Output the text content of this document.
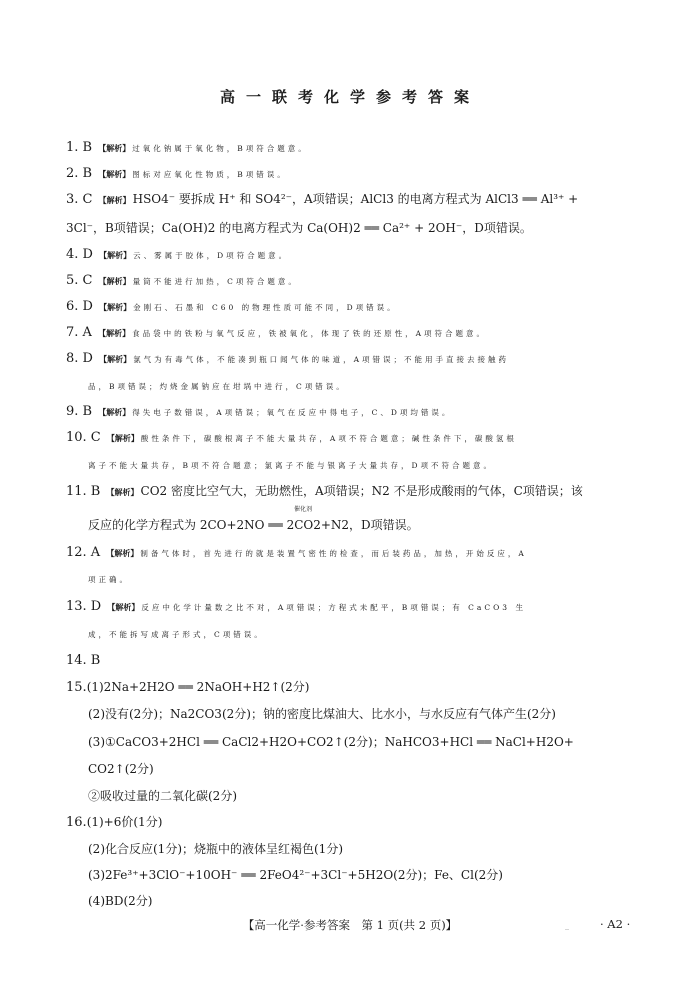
高一联考化学参考答案
1. B 【解析】 过氧化钠属于氧化物，B项符合题意。
2. B 【解析】 图标对应氧化性物质，B项错误。
3. C 【解析】 HSO4⁻ 要拆成 H⁺ 和 SO4²⁻，A项错误；AlCl3 的电离方程式为 AlCl3 ══ Al³⁺ +
3Cl⁻，B项错误；Ca(OH)2 的电离方程式为 Ca(OH)2 ══ Ca²⁺ + 2OH⁻，D项错误。
4. D 【解析】 云、雾属于胶体，D项符合题意。
5. C 【解析】 量筒不能进行加热，C项符合题意。
6. D 【解析】 金刚石、石墨和 C60 的物理性质可能不同，D项错误。
7. A 【解析】 食品袋中的铁粉与氧气反应，铁被氧化，体现了铁的还原性，A项符合题意。
8. D 【解析】 氯气为有毒气体，不能凑到瓶口闻气体的味道，A项错误；不能用手直接去接触药
品，B项错误；灼烧金属钠应在坩埚中进行，C项错误。
9. B 【解析】 得失电子数错误，A项错误；氧气在反应中得电子，C、D项均错误。
10. C 【解析】 酸性条件下，碳酸根离子不能大量共存，A项不符合题意；碱性条件下，碳酸氢根
离子不能大量共存，B项不符合题意；氯离子不能与银离子大量共存，D项不符合题意。
11. B 【解析】 CO2 密度比空气大，无助燃性，A项错误；N2 不是形成酸雨的气体，C项错误；该
反应的化学方程式为 2CO+2NO ══ 2CO2+N2，D项错误。
催化剂
12. A 【解析】 制备气体时，首先进行的就是装置气密性的检查，而后装药品，加热，开始反应，A
项正确。
13. D 【解析】 反应中化学计量数之比不对，A项错误；方程式未配平，B项错误；有 CaCO3 生
成，不能拆写成离子形式，C项错误。
14. B
15.(1)2Na+2H2O ══ 2NaOH+H2↑(2分)
(2)没有(2分)；Na2CO3(2分)；钠的密度比煤油大、比水小，与水反应有气体产生(2分)
(3)①CaCO3+2HCl ══ CaCl2+H2O+CO2↑(2分)；NaHCO3+HCl ══ NaCl+H2O+
CO2↑(2分)
②吸收过量的二氧化碳(2分)
16.(1)+6价(1分)
(2)化合反应(1分)；烧瓶中的液体呈红褐色(1分)
(3)2Fe³⁺+3ClO⁻+10OH⁻ ══ 2FeO4²⁻+3Cl⁻+5H2O(2分)；Fe、Cl(2分)
(4)BD(2分)
【高一化学·参考答案　第 1 页(共 2 页)】	_	· A2 ·
